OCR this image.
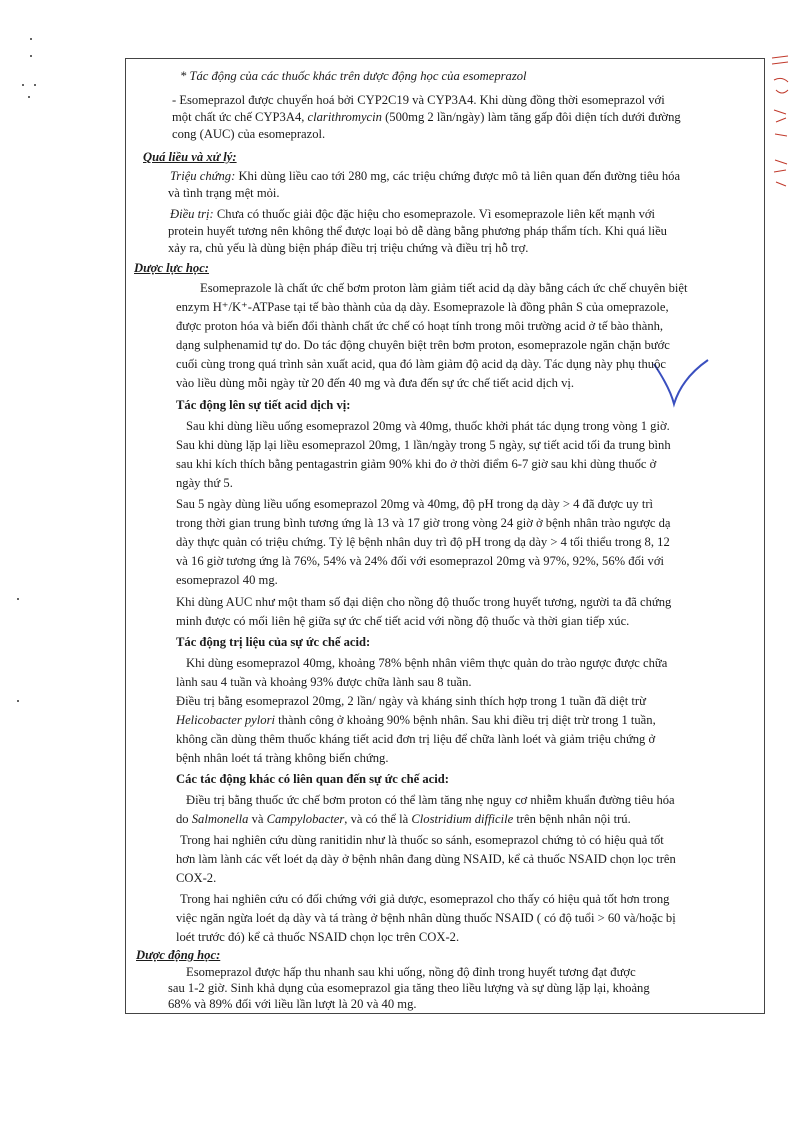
* Tác động của các thuốc khác trên dược động học của esomeprazol
- Esomeprazol được chuyển hoá bởi CYP2C19 và CYP3A4. Khi dùng đồng thời esomeprazol với
một chất ức chế CYP3A4, clarithromycin (500mg 2 lần/ngày) làm tăng gấp đôi diện tích dưới đường
cong (AUC) của esomeprazol.
Quá liều và xử lý:
Triệu chứng: Khi dùng liều cao tới 280 mg, các triệu chứng được mô tả liên quan đến đường tiêu hóa
và tình trạng mệt mỏi.
Điều trị: Chưa có thuốc giải độc đặc hiệu cho esomeprazole. Vì esomeprazole liên kết mạnh với
protein huyết tương nên không thể được loại bỏ dễ dàng bằng phương pháp thẩm tích. Khi quá liều
xảy ra, chủ yếu là dùng biện pháp điều trị triệu chứng và điều trị hỗ trợ.
Dược lực học:
Esomeprazole là chất ức chế bơm proton làm giảm tiết acid dạ dày bằng cách ức chế chuyên biệt
enzym H⁺/K⁺-ATPase tại tế bào thành của dạ dày. Esomeprazole là đồng phân S của omeprazole,
được proton hóa và biến đổi thành chất ức chế có hoạt tính trong môi trường acid ở tế bào thành,
dạng sulphenamid tự do. Do tác động chuyên biệt trên bơm proton, esomeprazole ngăn chặn bước
cuối cùng trong quá trình sản xuất acid, qua đó làm giảm độ acid dạ dày. Tác dụng này phụ thuộc
vào liều dùng mỗi ngày từ 20 đến 40 mg và đưa đến sự ức chế tiết acid dịch vị.
Tác động lên sự tiết acid dịch vị:
Sau khi dùng liều uống esomeprazol 20mg và 40mg, thuốc khởi phát tác dụng trong vòng 1 giờ.
Sau khi dùng lặp lại liều esomeprazol 20mg, 1 lần/ngày trong 5 ngày, sự tiết acid tối đa trung bình
sau khi kích thích bằng pentagastrin giảm 90% khi đo ở thời điểm 6-7 giờ sau khi dùng thuốc ở
ngày thứ 5.
Sau 5 ngày dùng liều uống esomeprazol 20mg và 40mg, độ pH trong dạ dày > 4 đã được uy trì
trong thời gian trung bình tương ứng là 13 và 17 giờ trong vòng 24 giờ ở bệnh nhân trào ngược dạ
dày thực quản có triệu chứng. Tỷ lệ bệnh nhân duy trì độ pH trong dạ dày > 4 tối thiểu trong 8, 12
và 16 giờ tương ứng là 76%, 54% và 24% đối với esomeprazol 20mg và 97%, 92%, 56% đối với
esomeprazol 40 mg.
Khi dùng AUC như một tham số đại diện cho nồng độ thuốc trong huyết tương, người ta đã chứng
minh được có mối liên hệ giữa sự ức chế tiết acid với nồng độ thuốc và thời gian tiếp xúc.
Tác động trị liệu của sự ức chế acid:
Khi dùng esomeprazol 40mg, khoảng 78% bệnh nhân viêm thực quản do trào ngược được chữa
lành sau 4 tuần và khoảng 93% được chữa lành sau 8 tuần.
Điều trị bằng esomeprazol 20mg, 2 lần/ ngày và kháng sinh thích hợp trong 1 tuần đã diệt trừ
Helicobacter pylori thành công ở khoảng 90% bệnh nhân. Sau khi điều trị diệt trừ trong 1 tuần,
không cần dùng thêm thuốc kháng tiết acid đơn trị liệu để chữa lành loét và giảm triệu chứng ở
bệnh nhân loét tá tràng không biến chứng.
Các tác động khác có liên quan đến sự ức chế acid:
Điều trị bằng thuốc ức chế bơm proton có thể làm tăng nhẹ nguy cơ nhiễm khuẩn đường tiêu hóa
do Salmonella và Campylobacter, và có thể là Clostridium difficile trên bệnh nhân nội trú.
Trong hai nghiên cứu dùng ranitidin như là thuốc so sánh, esomeprazol chứng tỏ có hiệu quả tốt
hơn làm lành các vết loét dạ dày ở bệnh nhân đang dùng NSAID, kể cả thuốc NSAID chọn lọc trên
COX-2.
Trong hai nghiên cứu có đối chứng với giả dược, esomeprazol cho thấy có hiệu quả tốt hơn trong
việc ngăn ngừa loét dạ dày và tá tràng ở bệnh nhân dùng thuốc NSAID ( có độ tuổi > 60 và/hoặc bị
loét trước đó) kể cả thuốc NSAID chọn lọc trên COX-2.
Dược động học:
Esomeprazol được hấp thu nhanh sau khi uống, nồng độ đỉnh trong huyết tương đạt được
sau 1-2 giờ. Sinh khả dụng của esomeprazol gia tăng theo liều lượng và sự dùng lặp lại, khoảng
68% và 89% đối với liều lần lượt là 20 và 40 mg.
